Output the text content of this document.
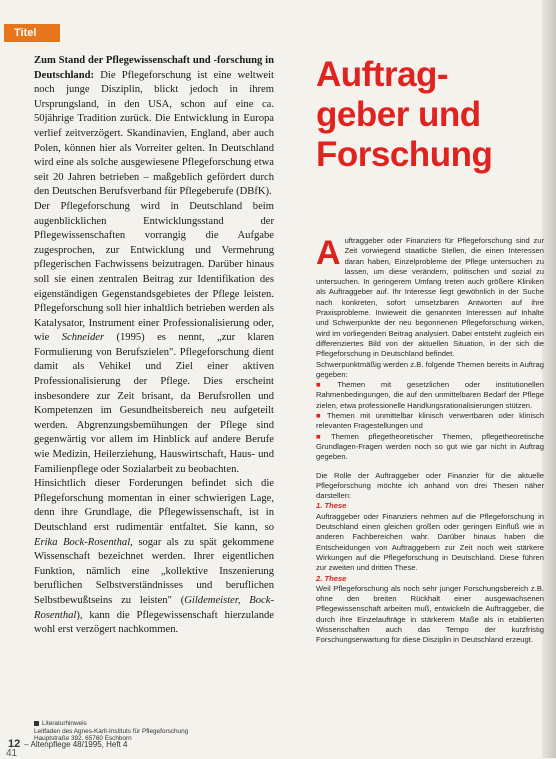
Titel

Zum Stand der Pflegewissenschaft und -forschung in Deutschland: Die Pflegeforschung ist eine weltweit noch junge Disziplin, blickt jedoch in ihrem Ursprungsland, in den USA, schon auf eine ca. 50jährige Tradition zurück. Die Entwicklung in Europa verlief zeitverzögert. Skandinavien, England, aber auch Polen, können hier als Vorreiter gelten. In Deutschland wird eine als solche ausgewiesene Pflegeforschung etwa seit 20 Jahren betrieben – maßgeblich gefördert durch den Deutschen Berufsverband für Pflegeberufe (DBfK).

Der Pflegeforschung wird in Deutschland beim augenblicklichen Entwicklungsstand der Pflegewissenschaften vorrangig die Aufgabe zugesprochen, zur Entwicklung und Vermehrung pflegerischen Fachwissens beizutragen. Darüber hinaus soll sie einen zentralen Beitrag zur Identifikation des eigenständigen Gegenstandsgebietes der Pflege leisten. Pflegeforschung soll hier inhaltlich betrieben werden als Katalysator, Instrument einer Professionalisierung oder, wie Schneider (1995) es nennt, „zur klaren Formulierung von Berufszielen". Pflegeforschung dient damit als Vehikel und Ziel einer aktiven Professionalisierung der Pflege. Dies erscheint insbesondere zur Zeit brisant, da Berufsrollen und Kompetenzen im Gesundheitsbereich neu aufgeteilt werden. Abgrenzungsbemühungen der Pflege sind gegenwärtig vor allem im Hinblick auf andere Berufe wie Medizin, Heilerziehung, Hauswirtschaft, Haus- und Familienpflege oder Sozialarbeit zu beobachten.

Hinsichtlich dieser Forderungen befindet sich die Pflegeforschung momentan in einer schwierigen Lage, denn ihre Grundlage, die Pflegewissenschaft, ist in Deutschland erst rudimentär entfaltet. Sie kann, so Erika Bock-Rosenthal, sogar als zu spät gekommene Wissenschaft bezeichnet werden. Ihrer eigentlichen Funktion, nämlich eine „kollektive Inszenierung beruflichen Selbstverständnisses und beruflichen Selbstbewußtseins zu leisten" (Gildemeister, Bock-Rosenthal), kann die Pflegewissenschaft hierzulande wohl erst verzögert nachkommen.

Auftrag-
geber und
Forschung

Auftraggeber oder Finanziers für Pflegeforschung sind zur Zeit vorwiegend staatliche Stellen, die einen Interessen daran haben, Einzelprobleme der Pflege untersuchen zu lassen, um diese verändern, politischen und sozial zu untersuchen. In geringerem Umfang treten auch größere Kliniken als Auftraggeber auf. Ihr Interesse liegt gewöhnlich in der Suche nach konkreten, sofort umsetzbaren Antworten auf ihre Praxisprobleme. Inwieweit die genannten Interessen auf Inhalte und Schwerpunkte der neu begonnenen Pflegeforschung wirken, wird im vorliegenden Beitrag analysiert. Dabei entsteht zugleich ein differenziertes Bild von der aktuellen Situation, in der sich die Pflegeforschung in Deutschland befindet.

Schwerpunktmäßig werden z.B. folgende Themen bereits in Auftrag gegeben:

■ Themen mit gesetzlichen oder institutionellen Rahmenbedingungen, die auf den unmittelbaren Bedarf der Pflege zielen, etwa professionelle Handlungsrationalisierungen stützen.

■ Themen mit unmittelbar klinisch verwertbaren oder klinisch relevanten Fragestellungen und

■ Themen pflegetheoretischer Themen, pflegetheoretische Grundlagen-Fragen werden noch so gut wie gar nicht in Auftrag gegeben.

Die Rolle der Auftraggeber oder Finanzier für die aktuelle Pflegeforschung möchte ich anhand von drei Thesen näher darstellen:

1. These

Auftraggeber oder Finanziers nehmen auf die Pflegeforschung in Deutschland einen gleichen großen oder geringen Einfluß wie in anderen Fachbereichen wahr. Darüber hinaus haben die Entscheidungen von Auftraggebern zur Zeit noch weit stärkere Wirkungen auf die Pflegeforschung in Deutschland. Diese führen zur zweiten und dritten These.

2. These

Weil Pflegeforschung als noch sehr junger Forschungsbereich z.B. ohne den breiten Rückhalt einer ausgewachsenen Pflegewissenschaft arbeiten muß, entwickeln die Auftraggeber, die durch ihre Einzelaufträge in stärkerem Maße als in etablierten Wissenschaften auch das Tempo der kurzfristig Forschungserwartung für diese Disziplin in Deutschland erzeugt.

Literaturhinweis
Leitfaden des Agnes-Karll-Instituts für Pflegeforschung
Hauptstraße 392, 65760 Eschborn
12 – Altenpflege 48/1995, Heft 4
41
